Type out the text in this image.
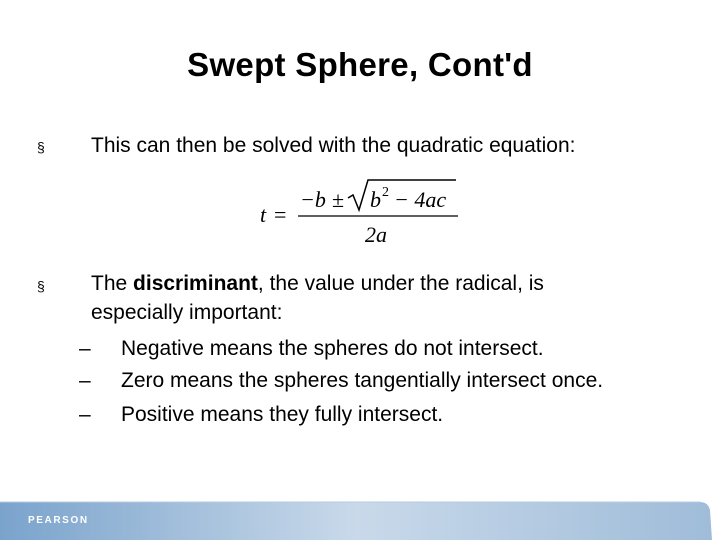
Swept Sphere, Cont'd
§ This can then be solved with the quadratic equation:
t =
−b ± b 2 − 4ac
2a
§ The discriminant, the value under the radical, is
especially important:
– Negative means the spheres do not intersect.
– Zero means the spheres tangentially intersect once.
– Positive means they fully intersect.
PEARSON
